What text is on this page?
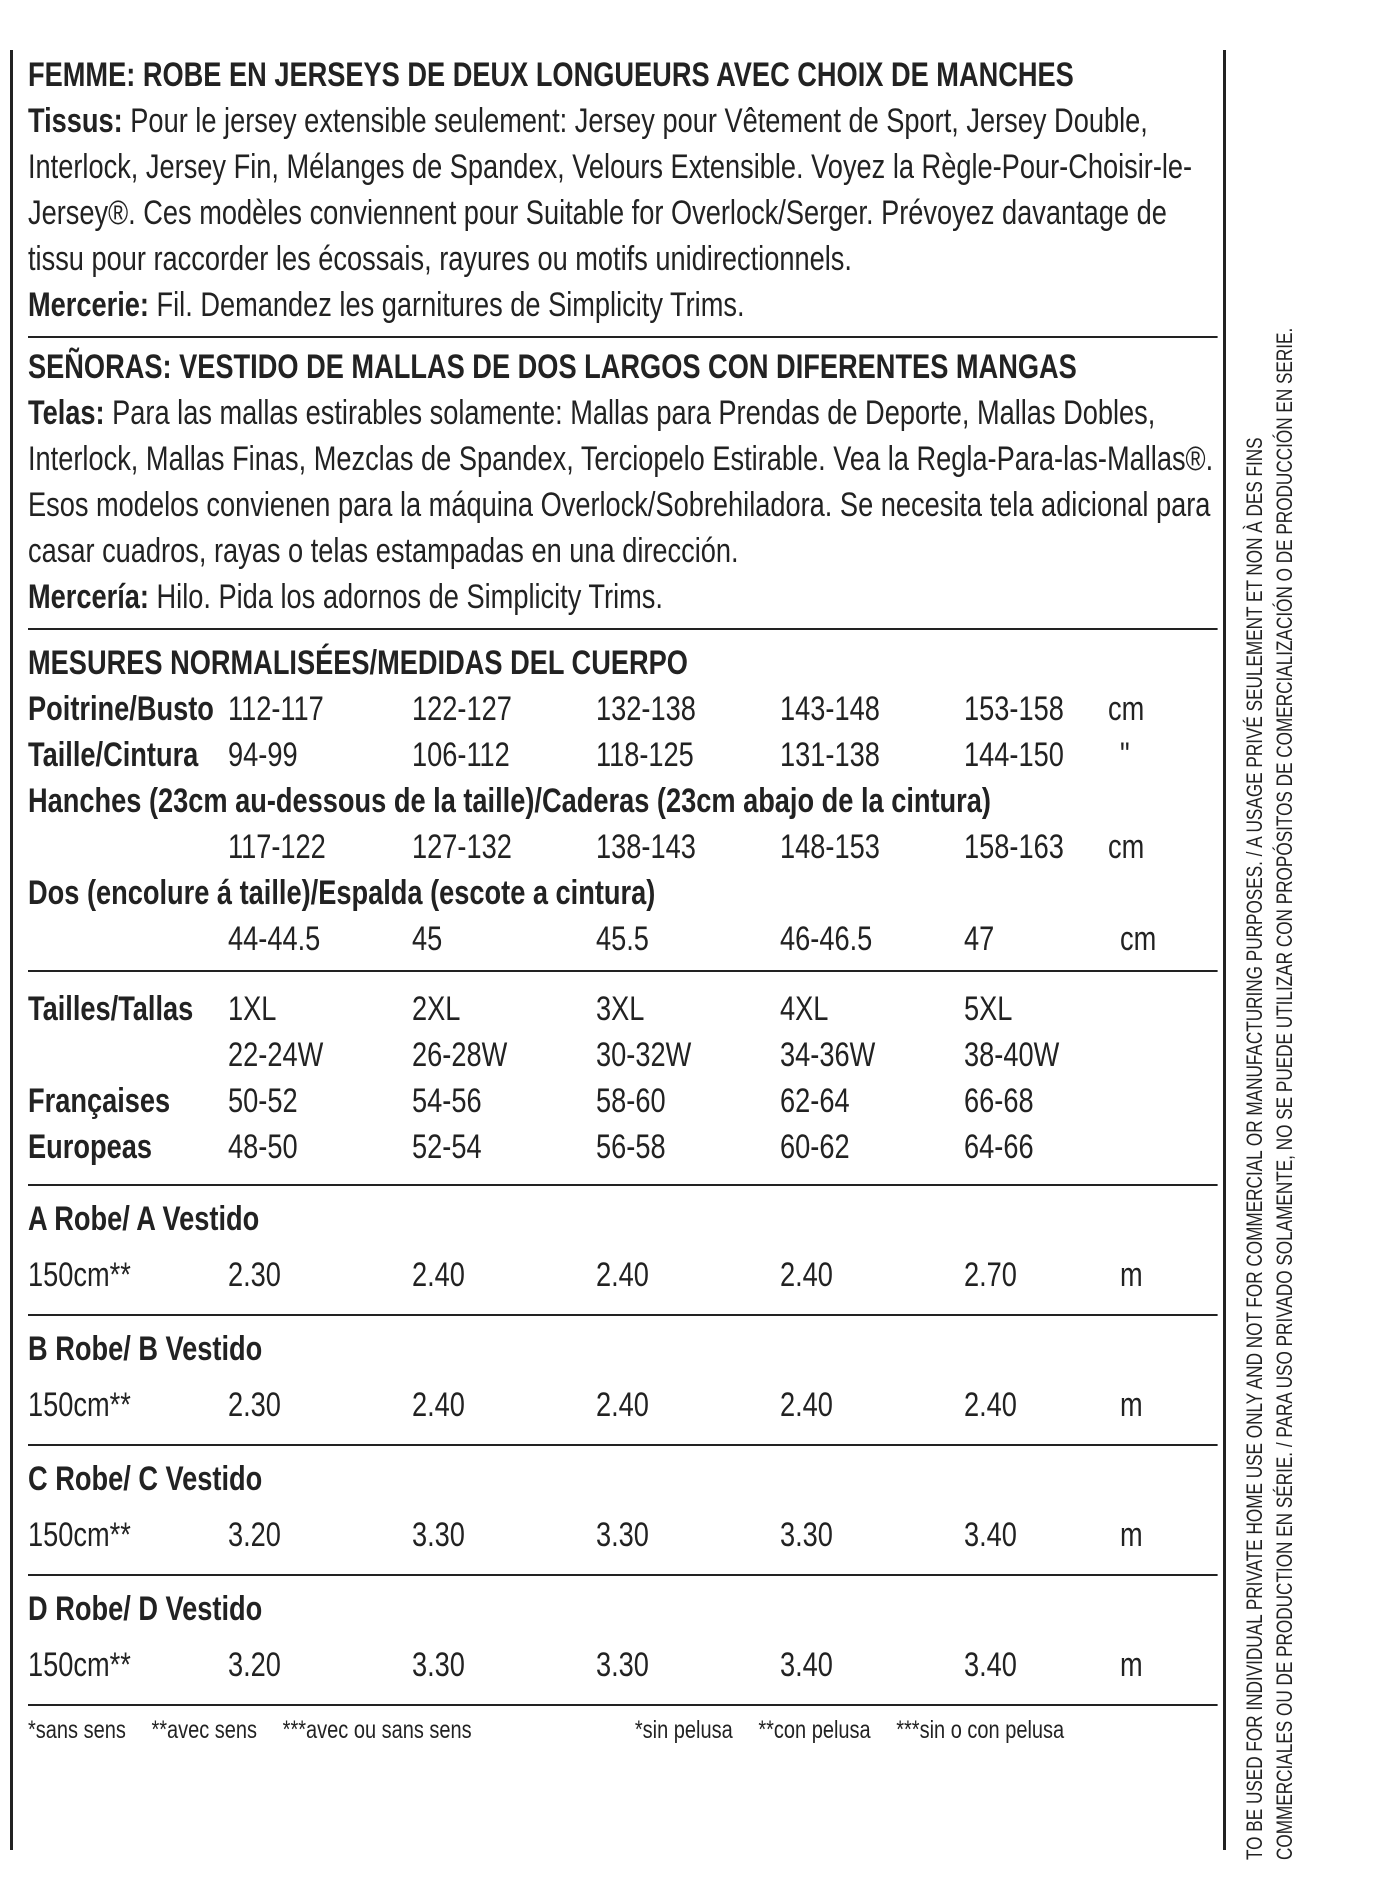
FEMME: ROBE EN JERSEYS DE DEUX LONGUEURS AVEC CHOIX DE MANCHES
Tissus: Pour le jersey extensible seulement: Jersey pour Vêtement de Sport, Jersey Double, Interlock, Jersey Fin, Mélanges de Spandex, Velours Extensible. Voyez la Règle-Pour-Choisir-le-Jersey®. Ces modèles conviennent pour Suitable for Overlock/Serger. Prévoyez davantage de tissu pour raccorder les écossais, rayures ou motifs unidirectionnels.
Mercerie: Fil. Demandez les garnitures de Simplicity Trims.
SEÑORAS: VESTIDO DE MALLAS DE DOS LARGOS CON DIFERENTES MANGAS
Telas: Para las mallas estirables solamente: Mallas para Prendas de Deporte, Mallas Dobles, Interlock, Mallas Finas, Mezclas de Spandex, Terciopelo Estirable. Vea la Regla-Para-las-Mallas®. Esos modelos convienen para la máquina Overlock/Sobrehiladora. Se necesita tela adicional para casar cuadros, rayas o telas estampadas en una dirección.
Mercería: Hilo. Pida los adornos de Simplicity Trims.
MESURES NORMALISÉES/MEDIDAS DEL CUERPO
Poitrine/Busto 112-117	122-127	132-138	143-148	153-158	cm
Taille/Cintura 94-99	106-112	118-125	131-138	144-150	"
Hanches (23cm au-dessous de la taille)/Caderas (23cm abajo de la cintura)
117-122	127-132	138-143	148-153	158-163	cm
Dos (encolure á taille)/Espalda (escote a cintura)
44-44.5	45	45.5	46-46.5	47	cm
Tailles/Tallas	1XL	2XL	3XL	4XL	5XL
22-24W	26-28W	30-32W	34-36W	38-40W
Françaises	50-52	54-56	58-60	62-64	66-68
Europeas	48-50	52-54	56-58	60-62	64-66
A Robe/ A Vestido
150cm**	2.30	2.40	2.40	2.40	2.70	m
B Robe/ B Vestido
150cm**	2.30	2.40	2.40	2.40	2.40	m
C Robe/ C Vestido
150cm**	3.20	3.30	3.30	3.30	3.40	m
D Robe/ D Vestido
150cm**	3.20	3.30	3.30	3.40	3.40	m
*sans sens **avec sens ***avec ou sans sens	*sin pelusa **con pelusa ***sin o con pelusa	TO BE USED FOR INDIVIDUAL PRIVATE HOME USE ONLY AND NOT FOR COMMERCIAL OR MANUFACTURING PURPOSES. / A USAGE PRIVÉ SEULEMENT ET NON À DES FINS COMMERCIALES OU DE PRODUCTION EN SÉRIE. / PARA USO PRIVADO SOLAMENTE, NO SE PUEDE UTILIZAR CON PROPÓSITOS DE COMERCIALIZACIÓN O DE PRODUCCIÓN EN SERIE.
